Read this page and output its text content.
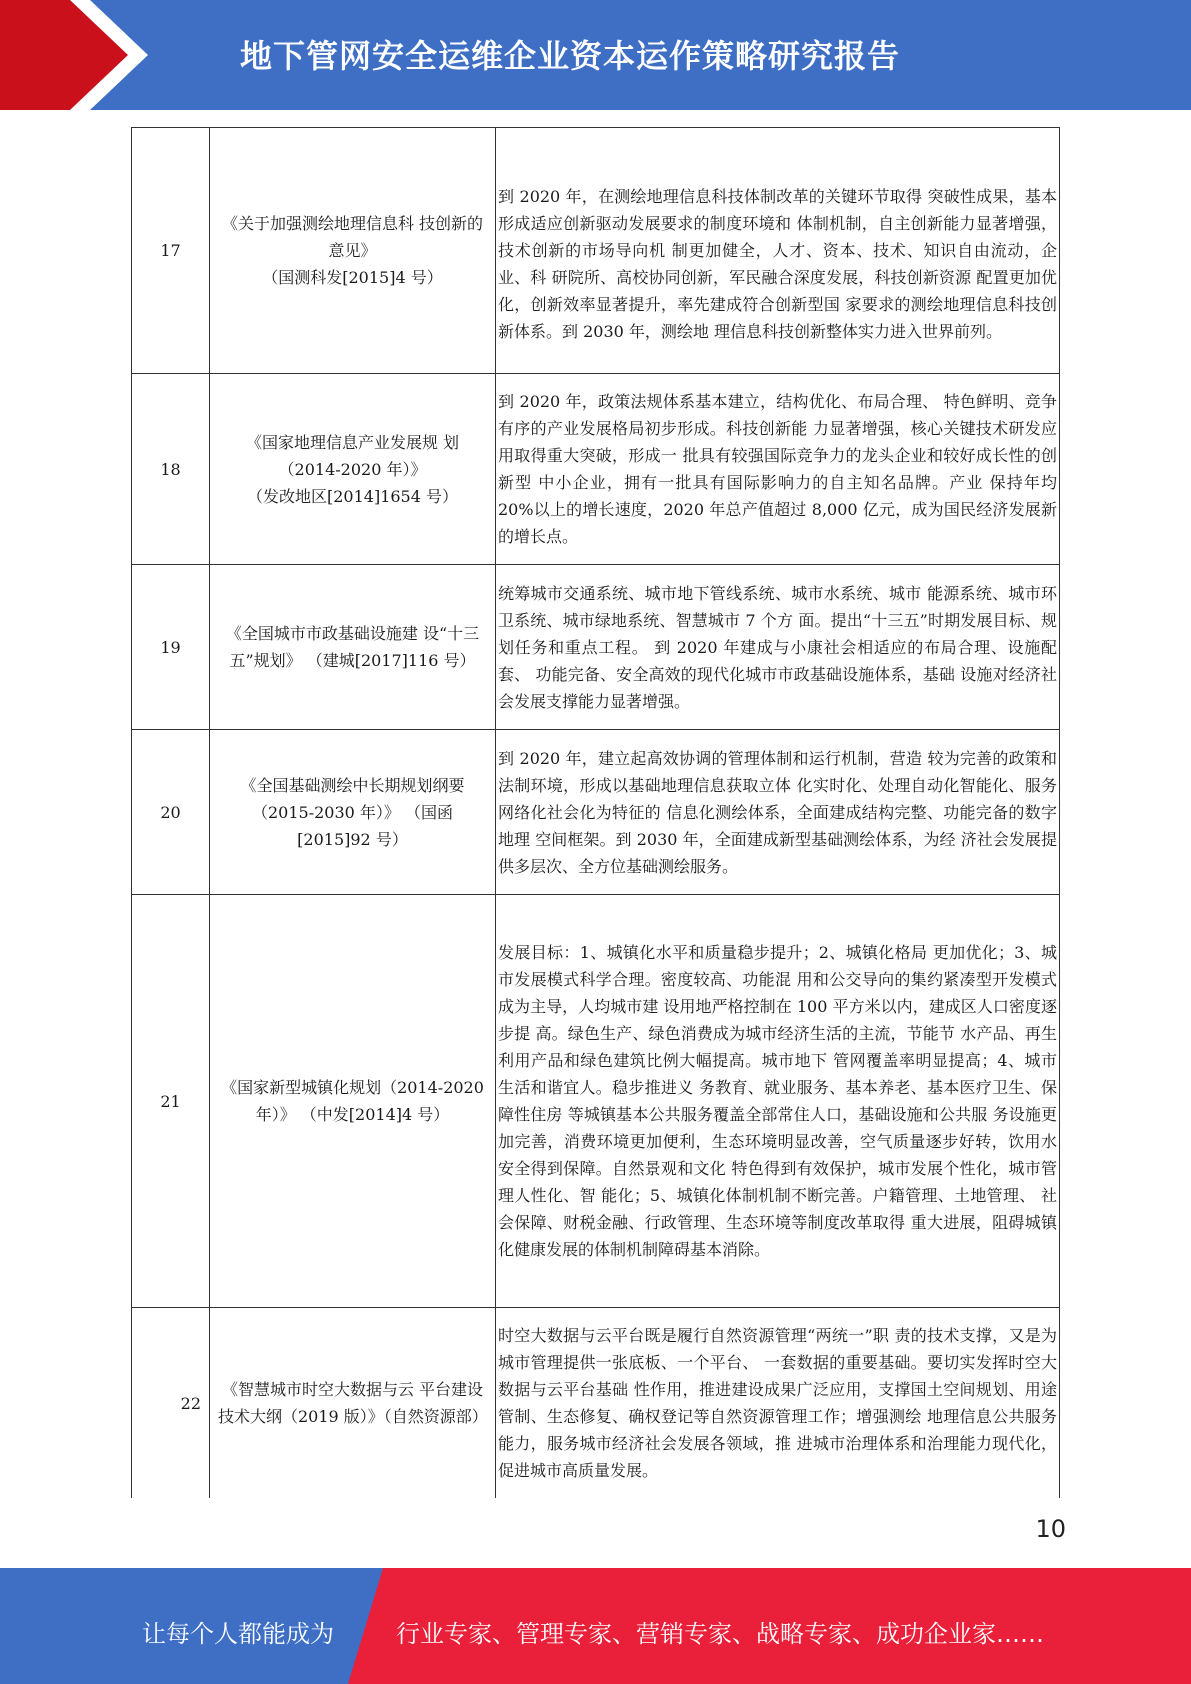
地下管网安全运维企业资本运作策略研究报告
17	《关于加强测绘地理信息科 技创新的意见》
（国测科发[2015]4 号）	到 2020 年，在测绘地理信息科技体制改革的关键环节取得 突破性成果，基本形成适应创新驱动发展要求的制度环境和 体制机制，自主创新能力显著增强，技术创新的市场导向机 制更加健全，人才、资本、技术、知识自由流动，企业、科 研院所、高校协同创新，军民融合深度发展，科技创新资源 配置更加优化，创新效率显著提升，率先建成符合创新型国 家要求的测绘地理信息科技创新体系。到 2030 年，测绘地 理信息科技创新整体实力进入世界前列。
18	《国家地理信息产业发展规 划（2014-2020 年）》
（发改地区[2014]1654 号）	到 2020 年，政策法规体系基本建立，结构优化、布局合理、 特色鲜明、竞争有序的产业发展格局初步形成。科技创新能 力显著增强，核心关键技术研发应用取得重大突破，形成一 批具有较强国际竞争力的龙头企业和较好成长性的创新型 中小企业，拥有一批具有国际影响力的自主知名品牌。产业 保持年均 20%以上的增长速度，2020 年总产值超过 8,000 亿元，成为国民经济发展新的增长点。
19	《全国城市市政基础设施建 设“十三五”规划》 （建城[2017]116 号）	统筹城市交通系统、城市地下管线系统、城市水系统、城市 能源系统、城市环卫系统、城市绿地系统、智慧城市 7 个方 面。提出“十三五”时期发展目标、规划任务和重点工程。 到 2020 年建成与小康社会相适应的布局合理、设施配套、 功能完备、安全高效的现代化城市市政基础设施体系，基础 设施对经济社会发展支撑能力显著增强。
20	《全国基础测绘中长期规划纲要（2015-2030 年）》 （国函[2015]92 号）	到 2020 年，建立起高效协调的管理体制和运行机制，营造 较为完善的政策和法制环境，形成以基础地理信息获取立体 化实时化、处理自动化智能化、服务网络化社会化为特征的 信息化测绘体系，全面建成结构完整、功能完备的数字地理 空间框架。到 2030 年，全面建成新型基础测绘体系，为经 济社会发展提供多层次、全方位基础测绘服务。
21	《国家新型城镇化规划（2014-2020 年）》 （中发[2014]4 号）	发展目标：1、城镇化水平和质量稳步提升；2、城镇化格局 更加优化；3、城市发展模式科学合理。密度较高、功能混 用和公交导向的集约紧凑型开发模式成为主导，人均城市建 设用地严格控制在 100 平方米以内，建成区人口密度逐步提 高。绿色生产、绿色消费成为城市经济生活的主流，节能节 水产品、再生利用产品和绿色建筑比例大幅提高。城市地下 管网覆盖率明显提高；4、城市生活和谐宜人。稳步推进义 务教育、就业服务、基本养老、基本医疗卫生、保障性住房 等城镇基本公共服务覆盖全部常住人口，基础设施和公共服 务设施更加完善，消费环境更加便利，生态环境明显改善，空气质量逐步好转，饮用水安全得到保障。自然景观和文化 特色得到有效保护，城市发展个性化，城市管理人性化、智 能化；5、城镇化体制机制不断完善。户籍管理、土地管理、 社会保障、财税金融、行政管理、生态环境等制度改革取得 重大进展，阻碍城镇化健康发展的体制机制障碍基本消除。
22	《智慧城市时空大数据与云 平台建设技术大纲（2019 版）》（自然资源部）	时空大数据与云平台既是履行自然资源管理“两统一”职 责的技术支撑，又是为城市管理提供一张底板、一个平台、 一套数据的重要基础。要切实发挥时空大数据与云平台基础 性作用，推进建设成果广泛应用，支撑国土空间规划、用途 管制、生态修复、确权登记等自然资源管理工作；增强测绘 地理信息公共服务能力，服务城市经济社会发展各领域，推 进城市治理体系和治理能力现代化，促进城市高质量发展。
10
让每个人都能成为	行业专家、管理专家、营销专家、战略专家、成功企业家……
